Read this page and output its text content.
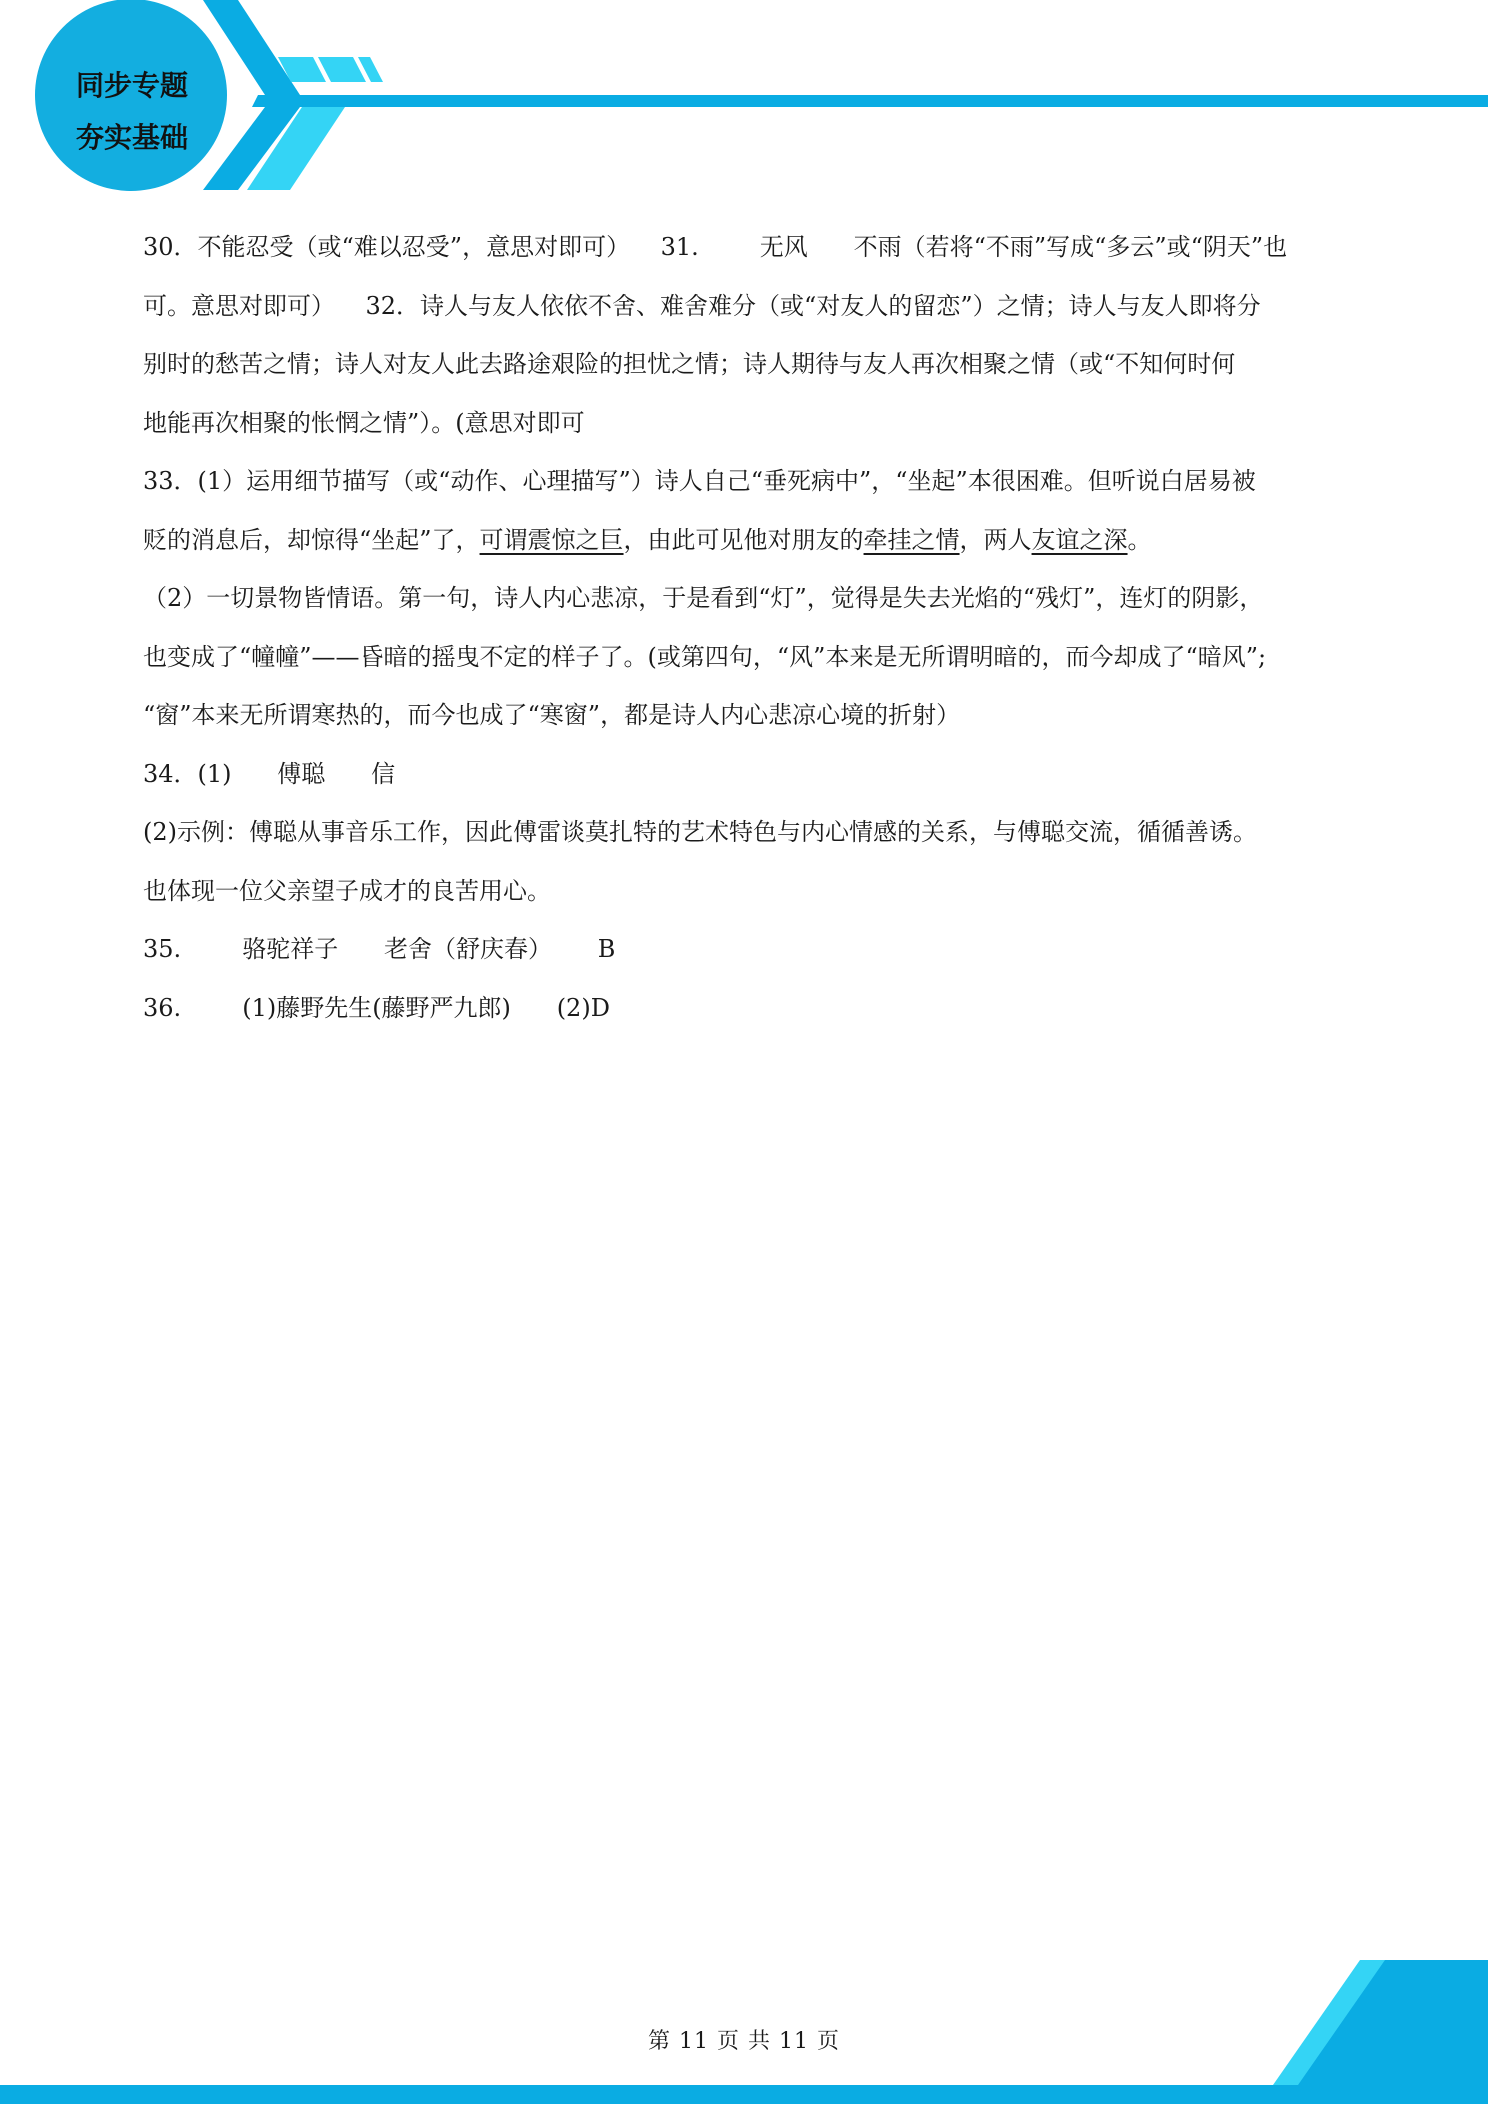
同步专题
夯实基础

30．不能忍受（或“难以忍受”，意思对即可）    31.        无风      不雨（若将“不雨”写成“多云”或“阴天”也

可。意思对即可）    32．诗人与友人依依不舍、难舍难分（或“对友人的留恋”）之情；诗人与友人即将分

别时的愁苦之情；诗人对友人此去路途艰险的担忧之情；诗人期待与友人再次相聚之情（或“不知何时何

地能再次相聚的怅惘之情”）。(意思对即可

33．(1）运用细节描写（或“动作、心理描写”）诗人自己“垂死病中”，“坐起”本很困难。但听说白居易被

贬的消息后，却惊得“坐起”了，可谓震惊之巨，由此可见他对朋友的牵挂之情，两人友谊之深。

（2）一切景物皆情语。第一句，诗人内心悲凉，于是看到“灯”，觉得是失去光焰的“残灯”，连灯的阴影，

也变成了“幢幢”——昏暗的摇曳不定的样子了。(或第四句，“风”本来是无所谓明暗的，而今却成了“暗风”;

“窗”本来无所谓寒热的，而今也成了“寒窗”，都是诗人内心悲凉心境的折射）

34．(1)      傅聪      信

(2)示例：傅聪从事音乐工作，因此傅雷谈莫扎特的艺术特色与内心情感的关系，与傅聪交流，循循善诱。

也体现一位父亲望子成才的良苦用心。

35.        骆驼祥子      老舍（舒庆春）      B

36.        (1)藤野先生(藤野严九郎)      (2)D

第 11 页 共 11 页
